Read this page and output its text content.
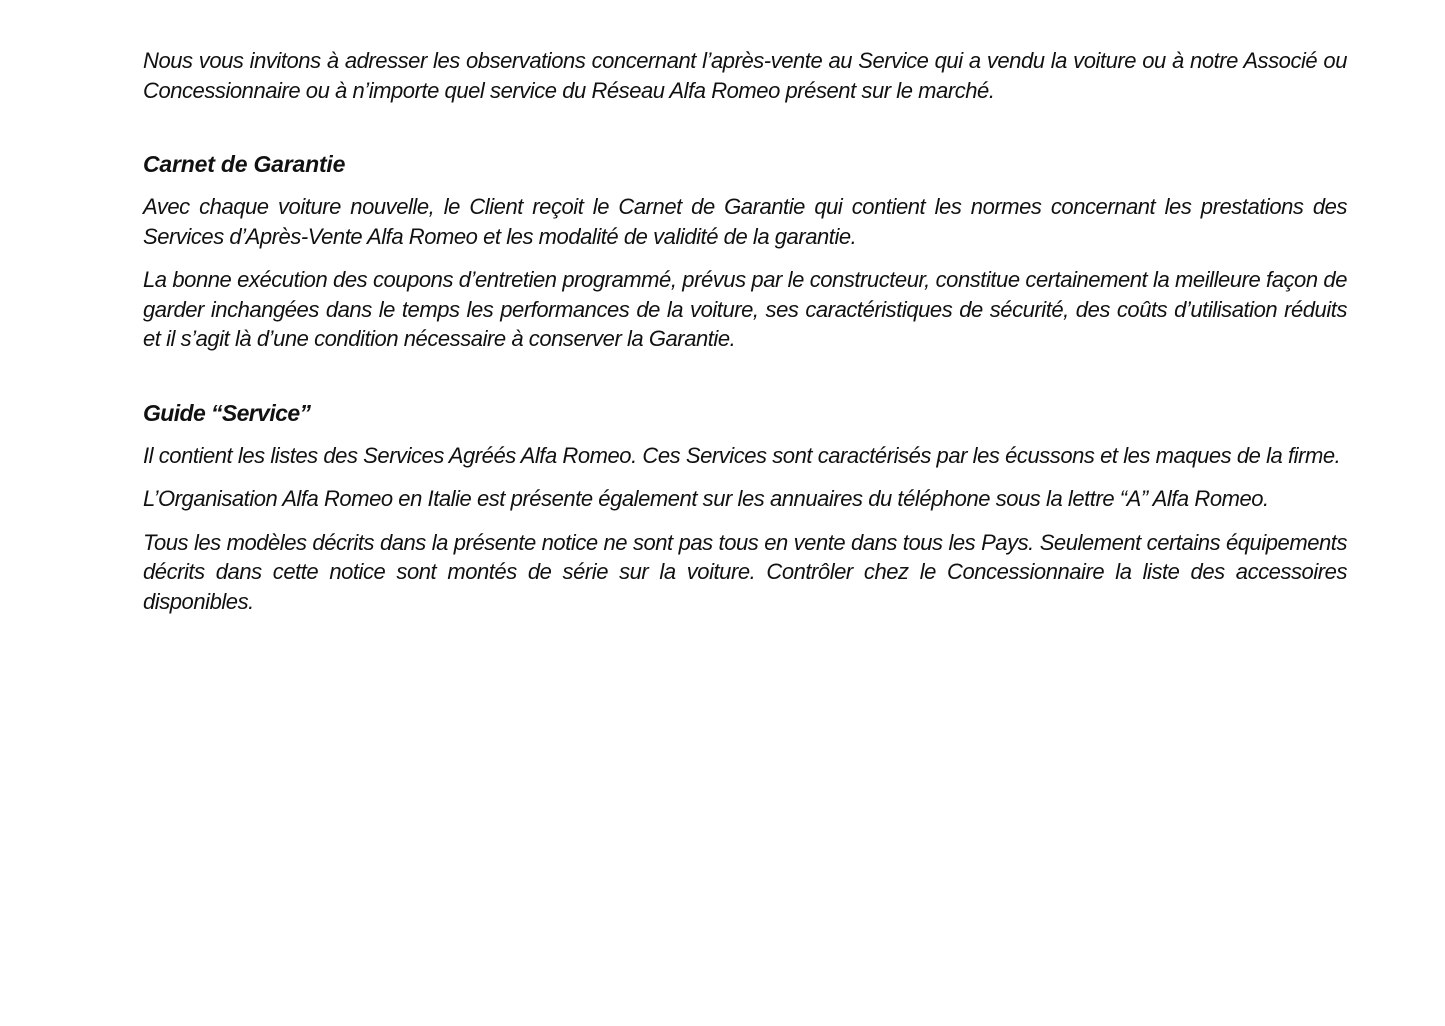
Nous vous invitons à adresser les observations concernant l’après-vente au Service qui a vendu la voiture ou à notre Associé ou Concessionnaire ou à n’importe quel service du Réseau Alfa Romeo présent sur le marché.

Carnet de Garantie

Avec chaque voiture nouvelle, le Client reçoit le Carnet de Garantie qui contient les normes concernant les prestations des Services d’Après-Vente Alfa Romeo et les modalité de validité de la garantie.

La bonne exécution des coupons d’entretien programmé, prévus par le constructeur, constitue certainement la meilleure façon de garder inchangées dans le temps les performances de la voiture, ses caractéristiques de sécurité, des coûts d’utilisation réduits et il s’agit là d’une condition nécessaire à conserver la Garantie.

Guide “Service”

Il contient les listes des Services Agréés Alfa Romeo. Ces Services sont caractérisés par les écussons et les maques de la firme.

L’Organisation Alfa Romeo en Italie est présente également sur les annuaires du téléphone sous la lettre “A” Alfa Romeo.

Tous les modèles décrits dans la présente notice ne sont pas tous en vente dans tous les Pays. Seulement certains équipements décrits dans cette notice sont montés de série sur la voiture. Contrôler chez le Concessionnaire la liste des accessoires disponibles.
